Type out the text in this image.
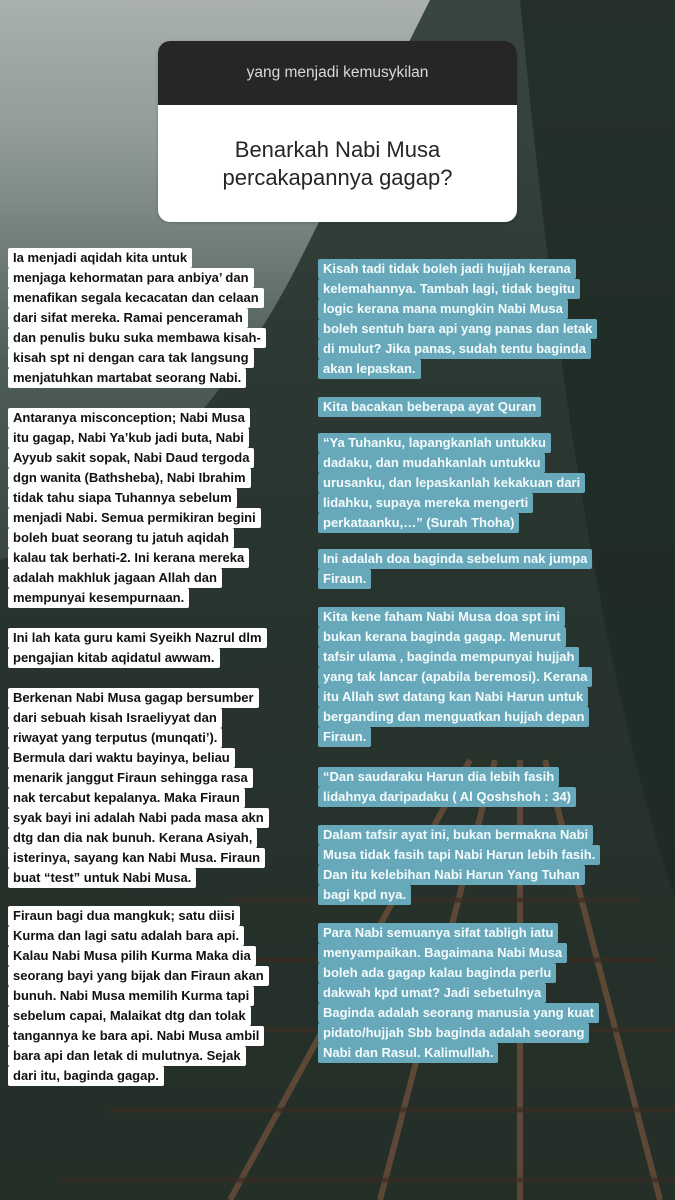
yang menjadi kemusykilan
Benarkah Nabi Musa
percakapannya gagap?
Ia menjadi aqidah kita untuk
menjaga kehormatan para anbiya’ dan
menafikan segala kecacatan dan celaan
dari sifat mereka. Ramai penceramah
dan penulis buku suka membawa kisah-
kisah spt ni dengan cara tak langsung
menjatuhkan martabat seorang Nabi.
Antaranya misconception; Nabi Musa
itu gagap, Nabi Ya’kub jadi buta, Nabi
Ayyub sakit sopak, Nabi Daud tergoda
dgn wanita (Bathsheba), Nabi Ibrahim
tidak tahu siapa Tuhannya sebelum
menjadi Nabi. Semua permikiran begini
boleh buat seorang tu jatuh aqidah
kalau tak berhati-2. Ini kerana mereka
adalah makhluk jagaan Allah dan
mempunyai kesempurnaan.
Ini lah kata guru kami Syeikh Nazrul dlm
pengajian kitab aqidatul awwam.
Berkenan Nabi Musa gagap bersumber
dari sebuah kisah Israeliyyat dan
riwayat yang terputus (munqati’).
Bermula dari waktu bayinya, beliau
menarik janggut Firaun sehingga rasa
nak tercabut kepalanya. Maka Firaun
syak bayi ini adalah Nabi pada masa akn
dtg dan dia nak bunuh. Kerana Asiyah,
isterinya, sayang kan Nabi Musa. Firaun
buat “test” untuk Nabi Musa.
Firaun bagi dua mangkuk; satu diisi
Kurma dan lagi satu adalah bara api.
Kalau Nabi Musa pilih Kurma Maka dia
seorang bayi yang bijak dan Firaun akan
bunuh. Nabi Musa memilih Kurma tapi
sebelum capai, Malaikat dtg dan tolak
tangannya ke bara api. Nabi Musa ambil
bara api dan letak di mulutnya. Sejak
dari itu, baginda gagap.
Kisah tadi tidak boleh jadi hujjah kerana
kelemahannya. Tambah lagi, tidak begitu
logic kerana mana mungkin Nabi Musa
boleh sentuh bara api yang panas dan letak
di mulut? Jika panas, sudah tentu baginda
akan lepaskan.
Kita bacakan beberapa ayat Quran
“Ya Tuhanku, lapangkanlah untukku
dadaku, dan mudahkanlah untukku
urusanku, dan lepaskanlah kekakuan dari
lidahku, supaya mereka mengerti
perkataanku,…” (Surah Thoha)
Ini adalah doa baginda sebelum nak jumpa
Firaun.
Kita kene faham Nabi Musa doa spt ini
bukan kerana baginda gagap. Menurut
tafsir ulama , baginda mempunyai hujjah
yang tak lancar (apabila beremosi). Kerana
itu Allah swt datang kan Nabi Harun untuk
berganding dan menguatkan hujjah depan
Firaun.
“Dan saudaraku Harun dia lebih fasih
lidahnya daripadaku ( Al Qoshshoh : 34)
Dalam tafsir ayat ini, bukan bermakna Nabi
Musa tidak fasih tapi Nabi Harun lebih fasih.
Dan itu kelebihan Nabi Harun Yang Tuhan
bagi kpd nya.
Para Nabi semuanya sifat tabligh iatu
menyampaikan. Bagaimana Nabi Musa
boleh ada gagap kalau baginda perlu
dakwah kpd umat? Jadi sebetulnya
Baginda adalah seorang manusia yang kuat
pidato/hujjah Sbb baginda adalah seorang
Nabi dan Rasul. Kalimullah.
